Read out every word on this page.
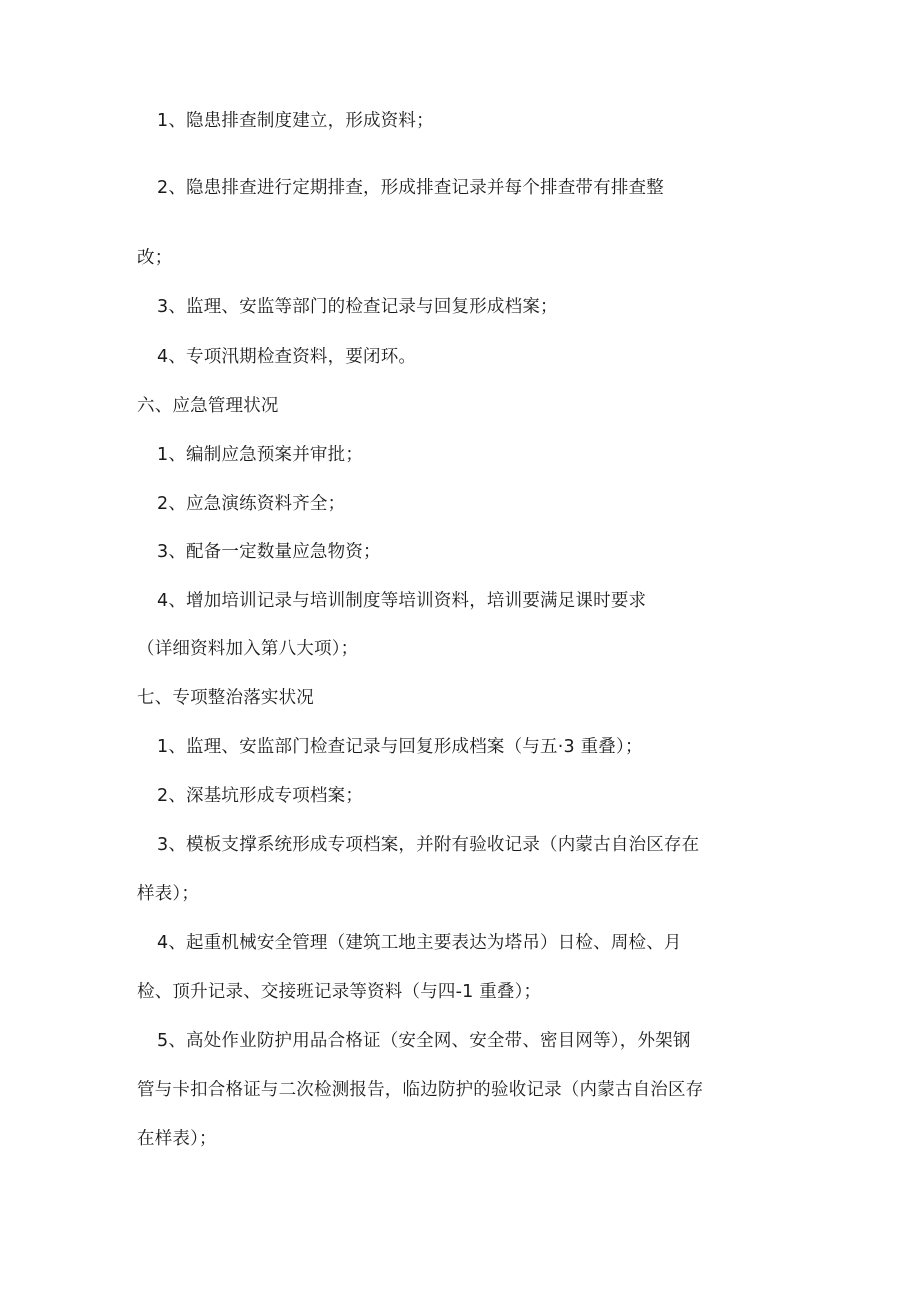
1、隐患排查制度建立，形成资料；
2、隐患排查进行定期排查，形成排查记录并每个排查带有排查整
改；
3、监理、安监等部门的检查记录与回复形成档案；
4、专项汛期检查资料，要闭环。
六、应急管理状况
1、编制应急预案并审批；
2、应急演练资料齐全；
3、配备一定数量应急物资；
4、增加培训记录与培训制度等培训资料，培训要满足课时要求
（详细资料加入第八大项）；
七、专项整治落实状况
1、监理、安监部门检查记录与回复形成档案（与五·3 重叠）；
2、深基坑形成专项档案；
3、模板支撑系统形成专项档案，并附有验收记录（内蒙古自治区存在
样表）；
4、起重机械安全管理（建筑工地主要表达为塔吊）日检、周检、月
检、顶升记录、交接班记录等资料（与四-1 重叠）；
5、高处作业防护用品合格证（安全网、安全带、密目网等），外架钢
管与卡扣合格证与二次检测报告，临边防护的验收记录（内蒙古自治区存
在样表）；
